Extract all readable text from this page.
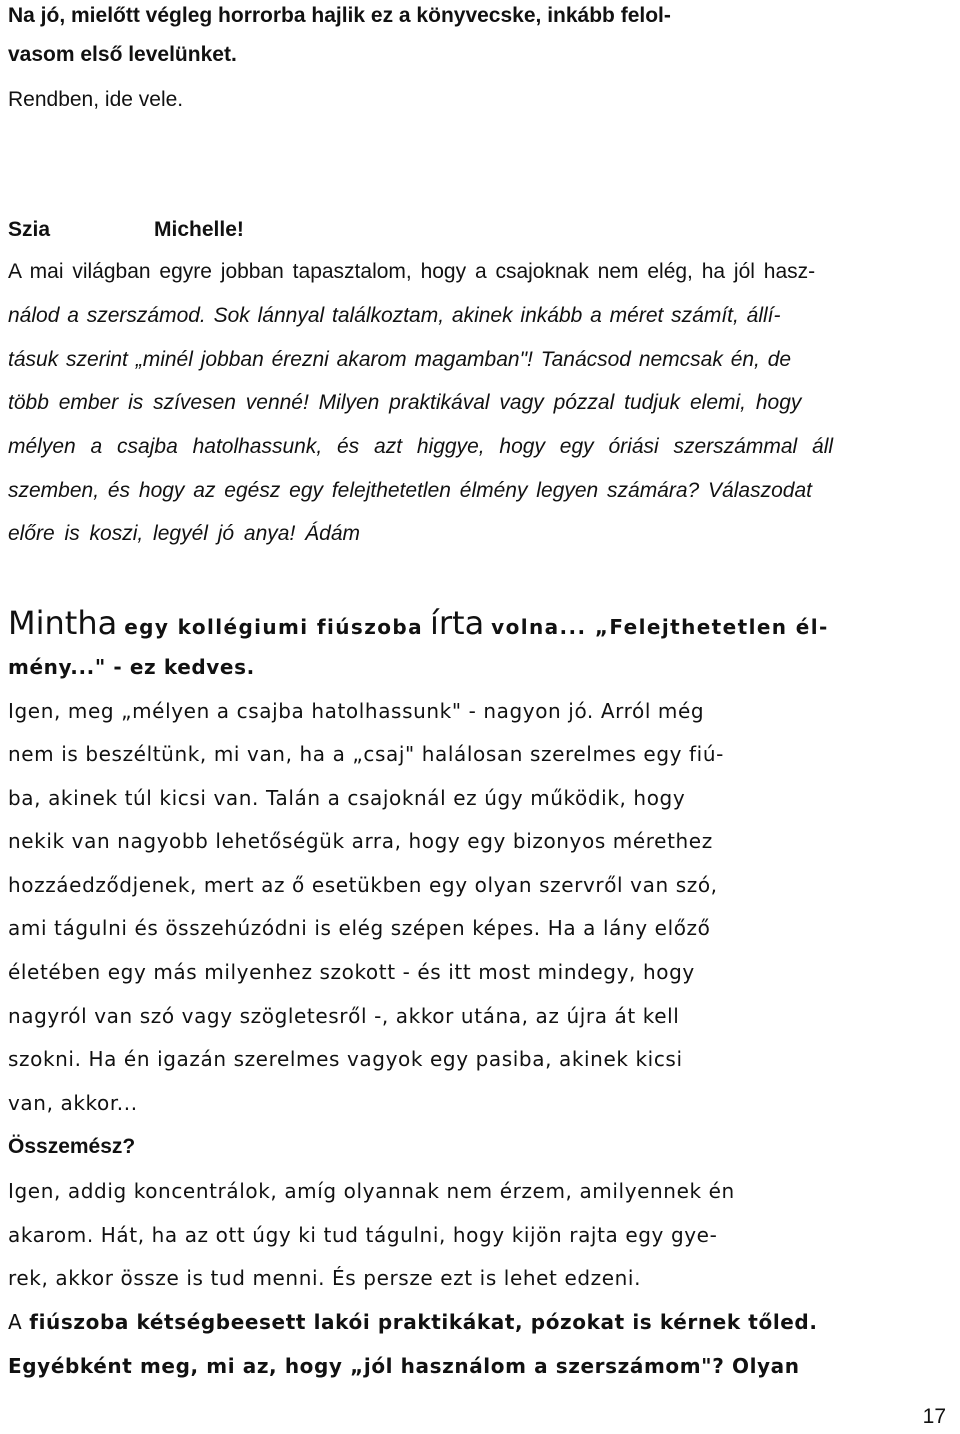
Na jó, mielőtt végleg horrorba hajlik ez a könyvecske, inkább felol-
vasom első levelünket.
Rendben, ide vele.
Szia	Michelle!
A mai világban egyre jobban tapasztalom, hogy a csajoknak nem elég, ha jól hasz-
nálod a szerszámod. Sok lánnyal találkoztam, akinek inkább a méret számít, állí-
tásuk szerint „minél jobban érezni akarom magamban"! Tanácsod nemcsak én, de
több ember is szívesen venné! Milyen praktikával vagy pózzal tudjuk elemi, hogy
mélyen a csajba hatolhassunk, és azt higgye, hogy egy óriási szerszámmal áll
szemben, és hogy az egész egy felejthetetlen élmény legyen számára? Válaszodat
előre is koszi, legyél jó anya! Ádám
Mintha egy kollégiumi fiúszoba írta volna... „Felejthetetlen él-
mény..." - ez kedves.
Igen, meg „mélyen a csajba hatolhassunk" - nagyon jó. Arról még
nem is beszéltünk, mi van, ha a „csaj" halálosan szerelmes egy fiú-
ba, akinek túl kicsi van. Talán a csajoknál ez úgy működik, hogy
nekik van nagyobb lehetőségük arra, hogy egy bizonyos mérethez
hozzáedződjenek, mert az ő esetükben egy olyan szervről van szó,
ami tágulni és összehúzódni is elég szépen képes. Ha a lány előző
életében egy más milyenhez szokott - és itt most mindegy, hogy
nagyról van szó vagy szögletesről -, akkor utána, az újra át kell
szokni. Ha én igazán szerelmes vagyok egy pasiba, akinek kicsi
van, akkor...
Összemész?
Igen, addig koncentrálok, amíg olyannak nem érzem, amilyennek én
akarom. Hát, ha az ott úgy ki tud tágulni, hogy kijön rajta egy gye-
rek, akkor össze is tud menni. És persze ezt is lehet edzeni.
A fiúszoba kétségbeesett lakói praktikákat, pózokat is kérnek tőled.
Egyébként meg, mi az, hogy „jól használom a szerszámom"? Olyan
17
